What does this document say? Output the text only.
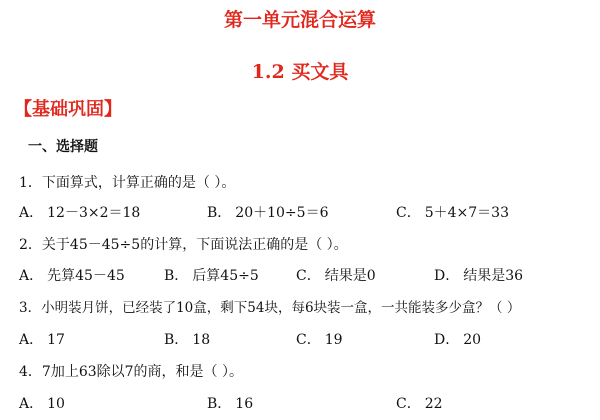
第一单元混合运算
1.2 买文具
【基础巩固】
一、选择题
1．下面算式，计算正确的是（ ）。
A． 12－3×2＝18	B． 20＋10÷5＝6	C． 5＋4×7＝33
2．关于45－45÷5的计算，下面说法正确的是（ ）。
A． 先算45－45	B． 后算45÷5	C． 结果是0	D． 结果是36
3．小明装月饼，已经装了10盒，剩下54块，每6块装一盒，一共能装多少盒？（ ）
A． 17	B． 18	C． 19	D． 20
4．7加上63除以7的商，和是（ ）。
A． 10	B． 16	C． 22
